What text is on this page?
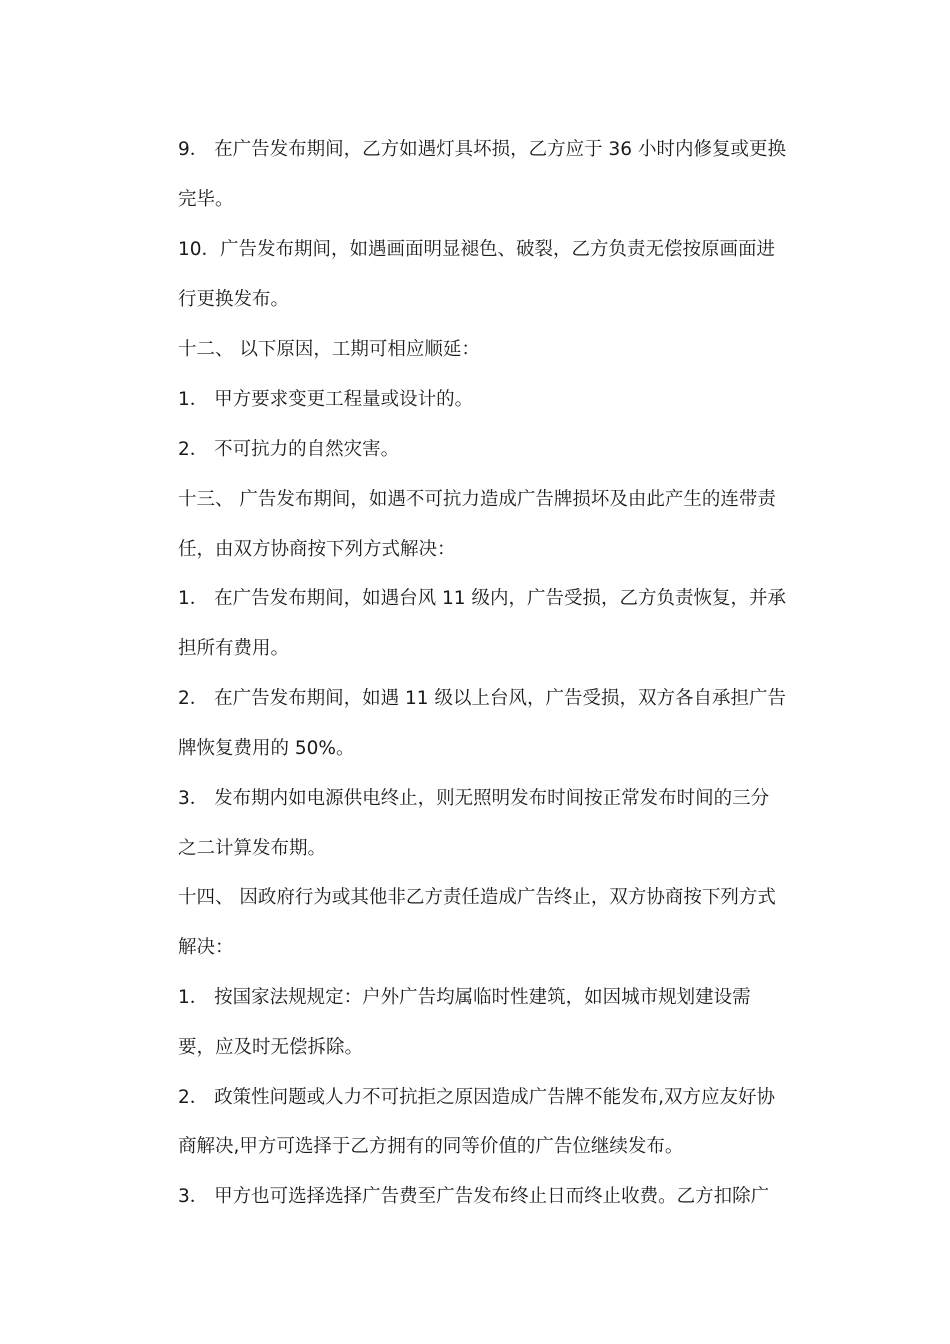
9． 在广告发布期间，乙方如遇灯具坏损，乙方应于 36 小时内修复或更换
完毕。
10．广告发布期间，如遇画面明显褪色、破裂，乙方负责无偿按原画面进
行更换发布。
十二、 以下原因，工期可相应顺延：
1． 甲方要求变更工程量或设计的。
2． 不可抗力的自然灾害。
十三、 广告发布期间，如遇不可抗力造成广告牌损坏及由此产生的连带责
任，由双方协商按下列方式解决：
1． 在广告发布期间，如遇台风 11 级内，广告受损，乙方负责恢复，并承
担所有费用。
2． 在广告发布期间，如遇 11 级以上台风，广告受损，双方各自承担广告
牌恢复费用的 50%。
3． 发布期内如电源供电终止，则无照明发布时间按正常发布时间的三分
之二计算发布期。
十四、 因政府行为或其他非乙方责任造成广告终止，双方协商按下列方式
解决：
1． 按国家法规规定：户外广告均属临时性建筑，如因城市规划建设需
要，应及时无偿拆除。
2． 政策性问题或人力不可抗拒之原因造成广告牌不能发布,双方应友好协
商解决,甲方可选择于乙方拥有的同等价值的广告位继续发布。
3． 甲方也可选择选择广告费至广告发布终止日而终止收费。乙方扣除广
